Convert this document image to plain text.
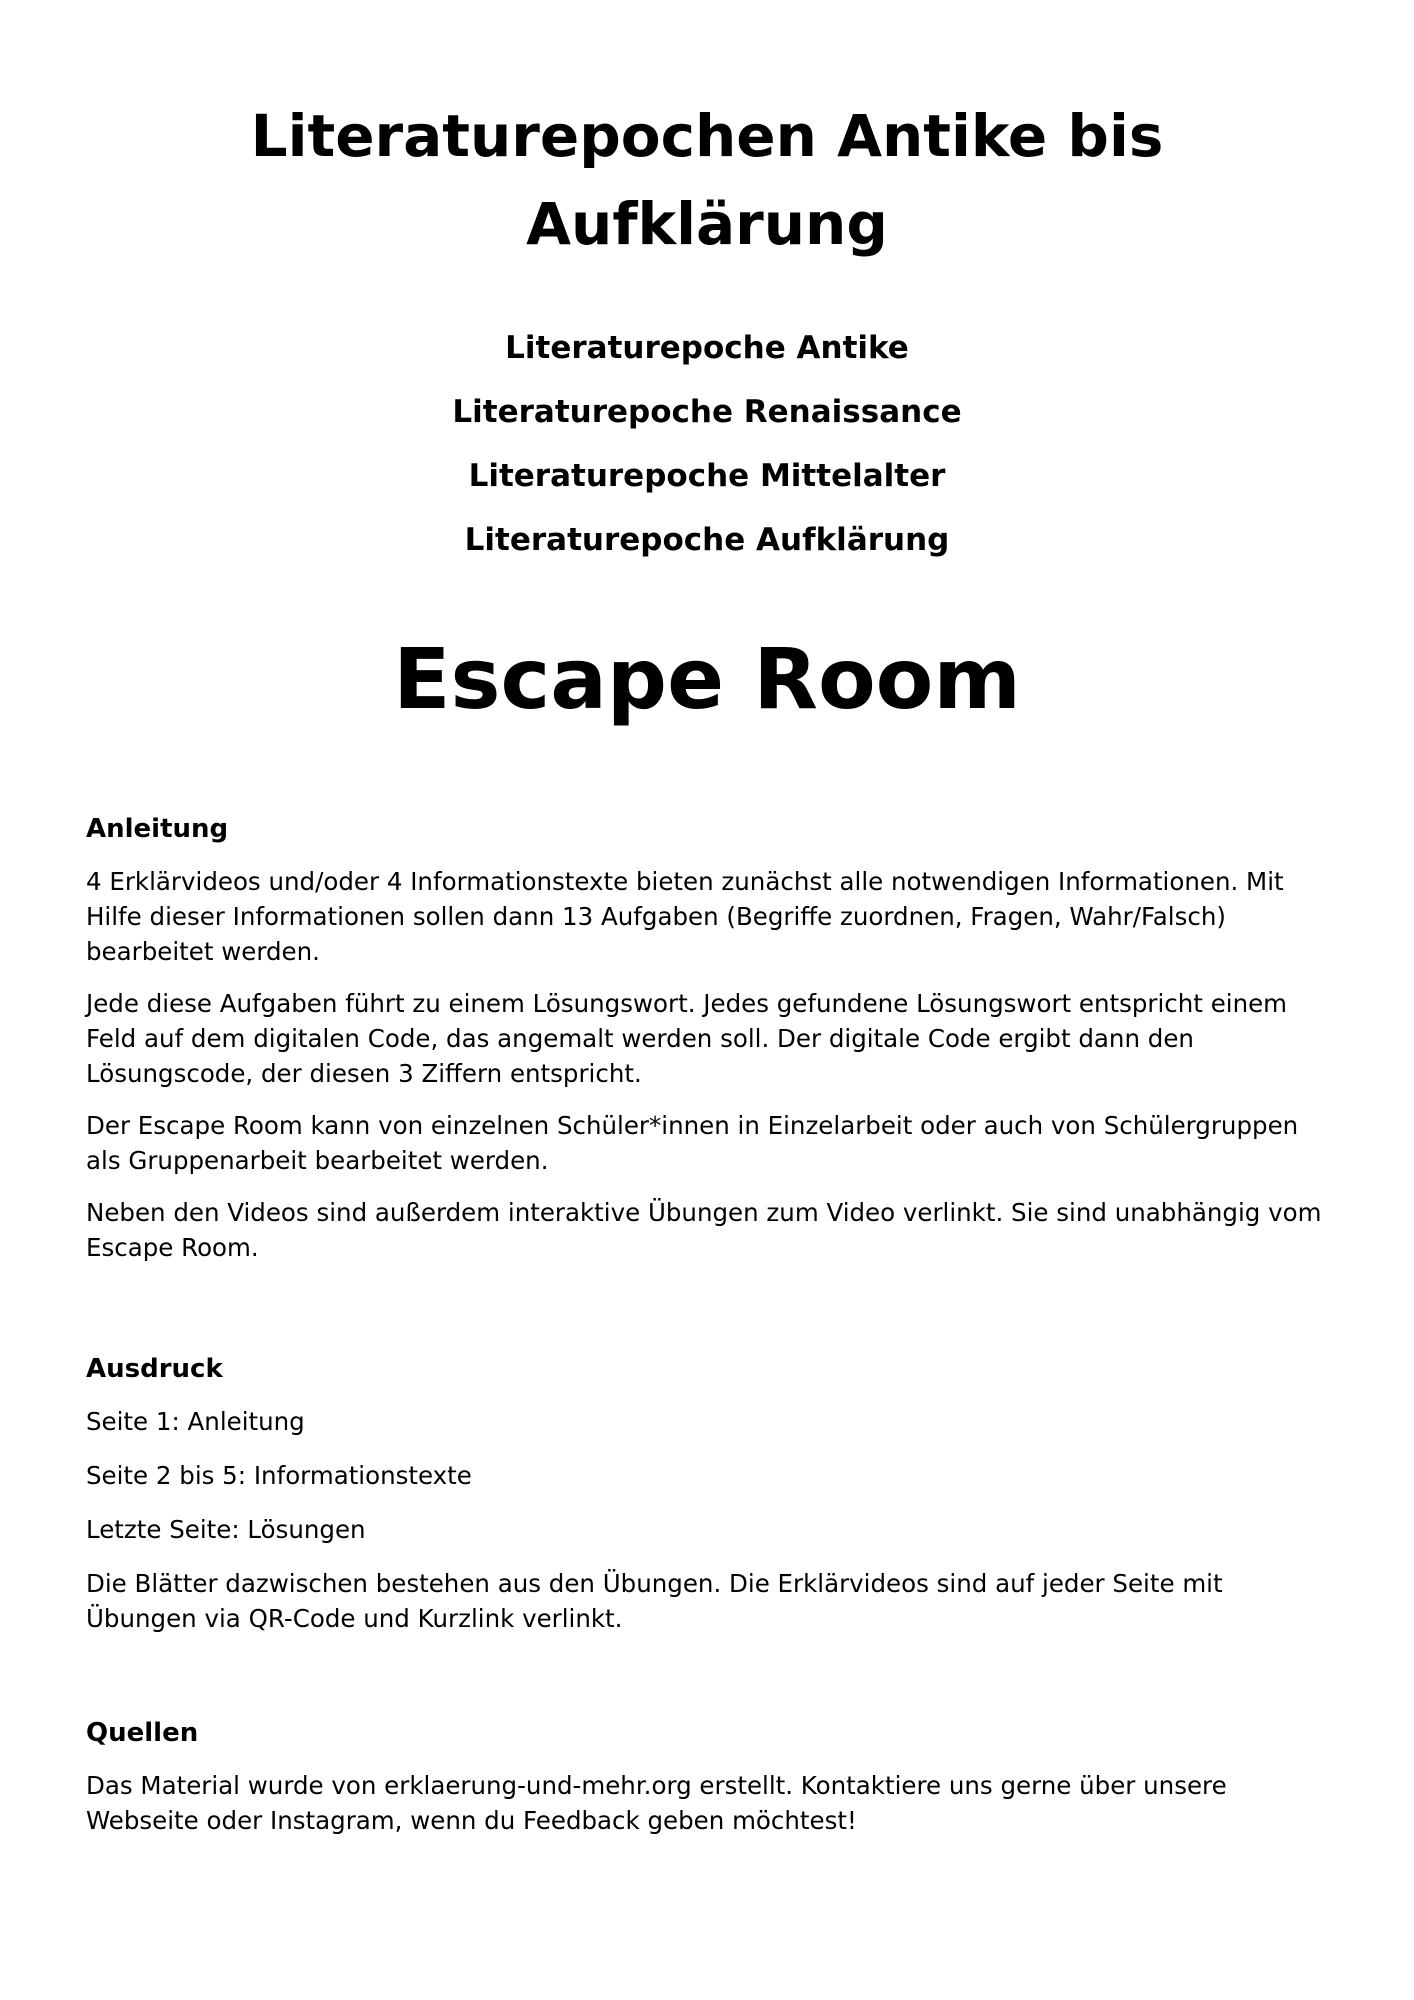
Literaturepochen Antike bis
Aufklärung
Literaturepoche Antike
Literaturepoche Renaissance
Literaturepoche Mittelalter
Literaturepoche Aufklärung
Escape Room
Anleitung

4 Erklärvideos und/oder 4 Informationstexte bieten zunächst alle notwendigen Informationen. Mit Hilfe dieser Informationen sollen dann 13 Aufgaben (Begriffe zuordnen, Fragen, Wahr/Falsch) bearbeitet werden.

Jede diese Aufgaben führt zu einem Lösungswort. Jedes gefundene Lösungswort entspricht einem Feld auf dem digitalen Code, das angemalt werden soll. Der digitale Code ergibt dann den Lösungscode, der diesen 3 Ziffern entspricht.

Der Escape Room kann von einzelnen Schüler*innen in Einzelarbeit oder auch von Schülergruppen als Gruppenarbeit bearbeitet werden.

Neben den Videos sind außerdem interaktive Übungen zum Video verlinkt. Sie sind unabhängig vom Escape Room.

Ausdruck

Seite 1: Anleitung

Seite 2 bis 5: Informationstexte

Letzte Seite: Lösungen

Die Blätter dazwischen bestehen aus den Übungen. Die Erklärvideos sind auf jeder Seite mit Übungen via QR-Code und Kurzlink verlinkt.

Quellen

Das Material wurde von erklaerung-und-mehr.org erstellt. Kontaktiere uns gerne über unsere Webseite oder Instagram, wenn du Feedback geben möchtest!
